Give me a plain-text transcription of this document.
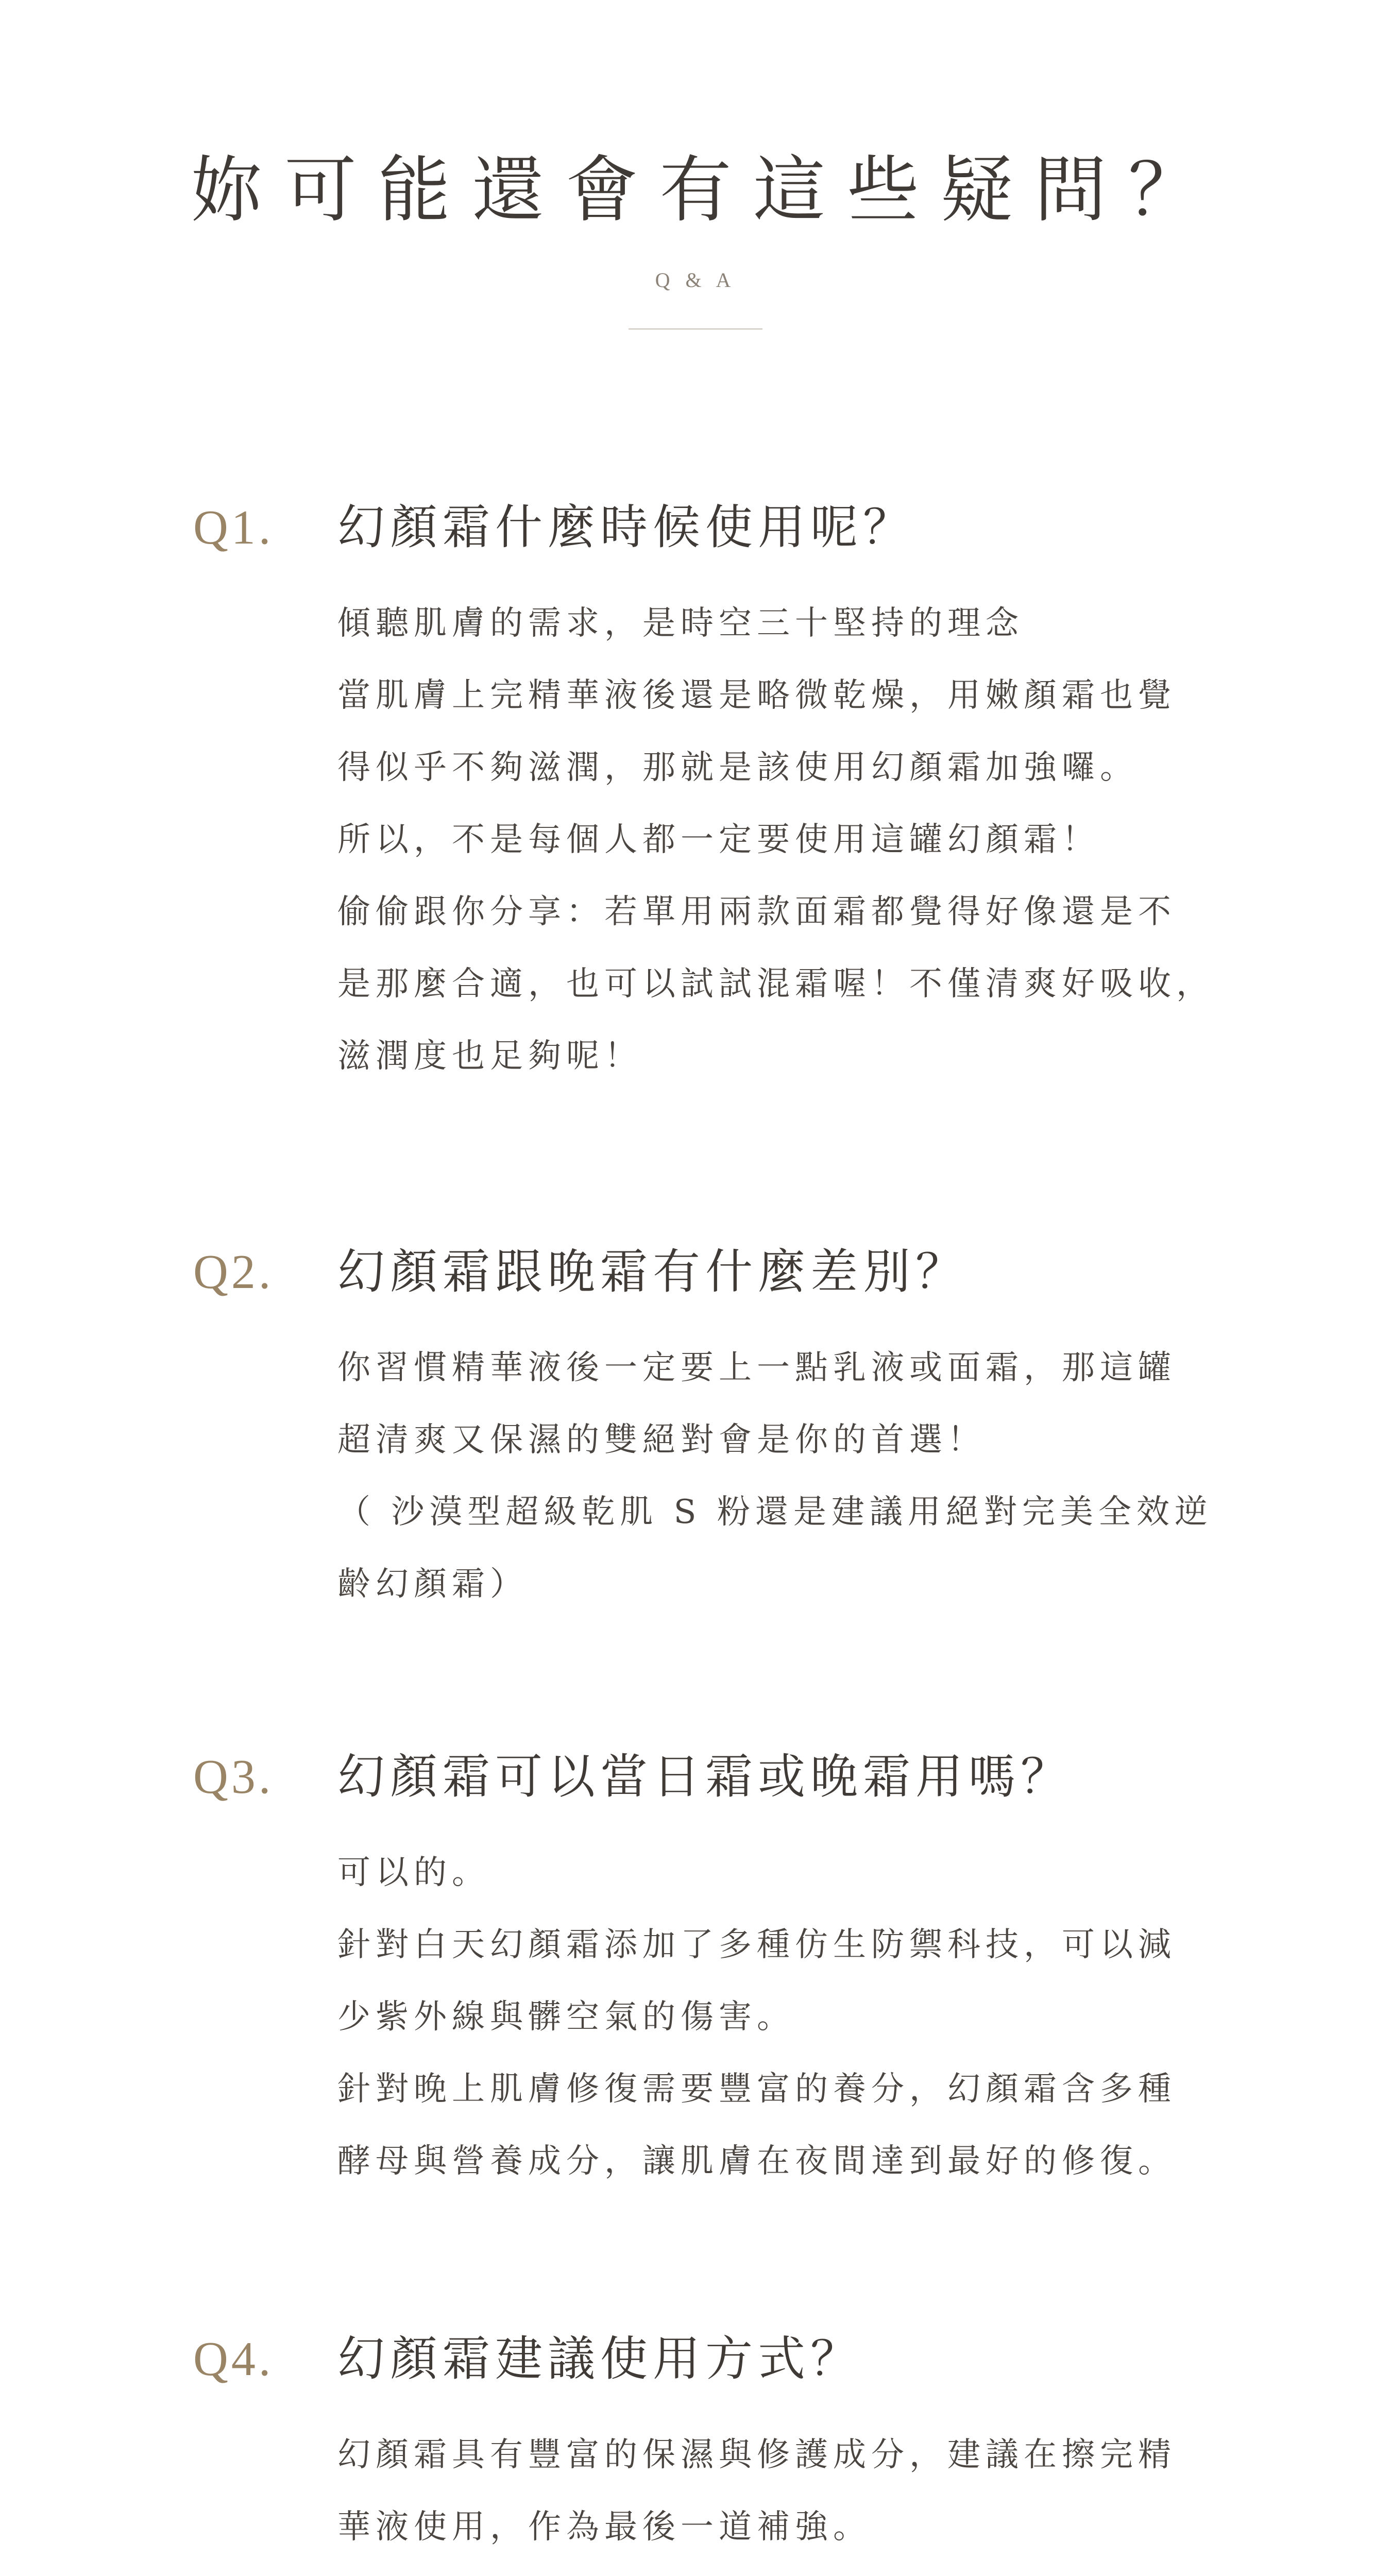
妳可能還會有這些疑問？
Q & A
Q1.	幻顏霜什麼時候使用呢？
傾聽肌膚的需求，是時空三十堅持的理念
當肌膚上完精華液後還是略微乾燥，用嫩顏霜也覺
得似乎不夠滋潤，那就是該使用幻顏霜加強囉。
所以，不是每個人都一定要使用這罐幻顏霜！
偷偷跟你分享：若單用兩款面霜都覺得好像還是不
是那麼合適，也可以試試混霜喔！不僅清爽好吸收，
滋潤度也足夠呢！
Q2.	幻顏霜跟晚霜有什麼差別？
你習慣精華液後一定要上一點乳液或面霜，那這罐
超清爽又保濕的雙絕對會是你的首選！
（ 沙漠型超級乾肌 S 粉還是建議用絕對完美全效逆
齡幻顏霜）
Q3.	幻顏霜可以當日霜或晚霜用嗎？
可以的。
針對白天幻顏霜添加了多種仿生防禦科技，可以減
少紫外線與髒空氣的傷害。
針對晚上肌膚修復需要豐富的養分，幻顏霜含多種
酵母與營養成分，讓肌膚在夜間達到最好的修復。
Q4.	幻顏霜建議使用方式？
幻顏霜具有豐富的保濕與修護成分，建議在擦完精
華液使用，作為最後一道補強。
